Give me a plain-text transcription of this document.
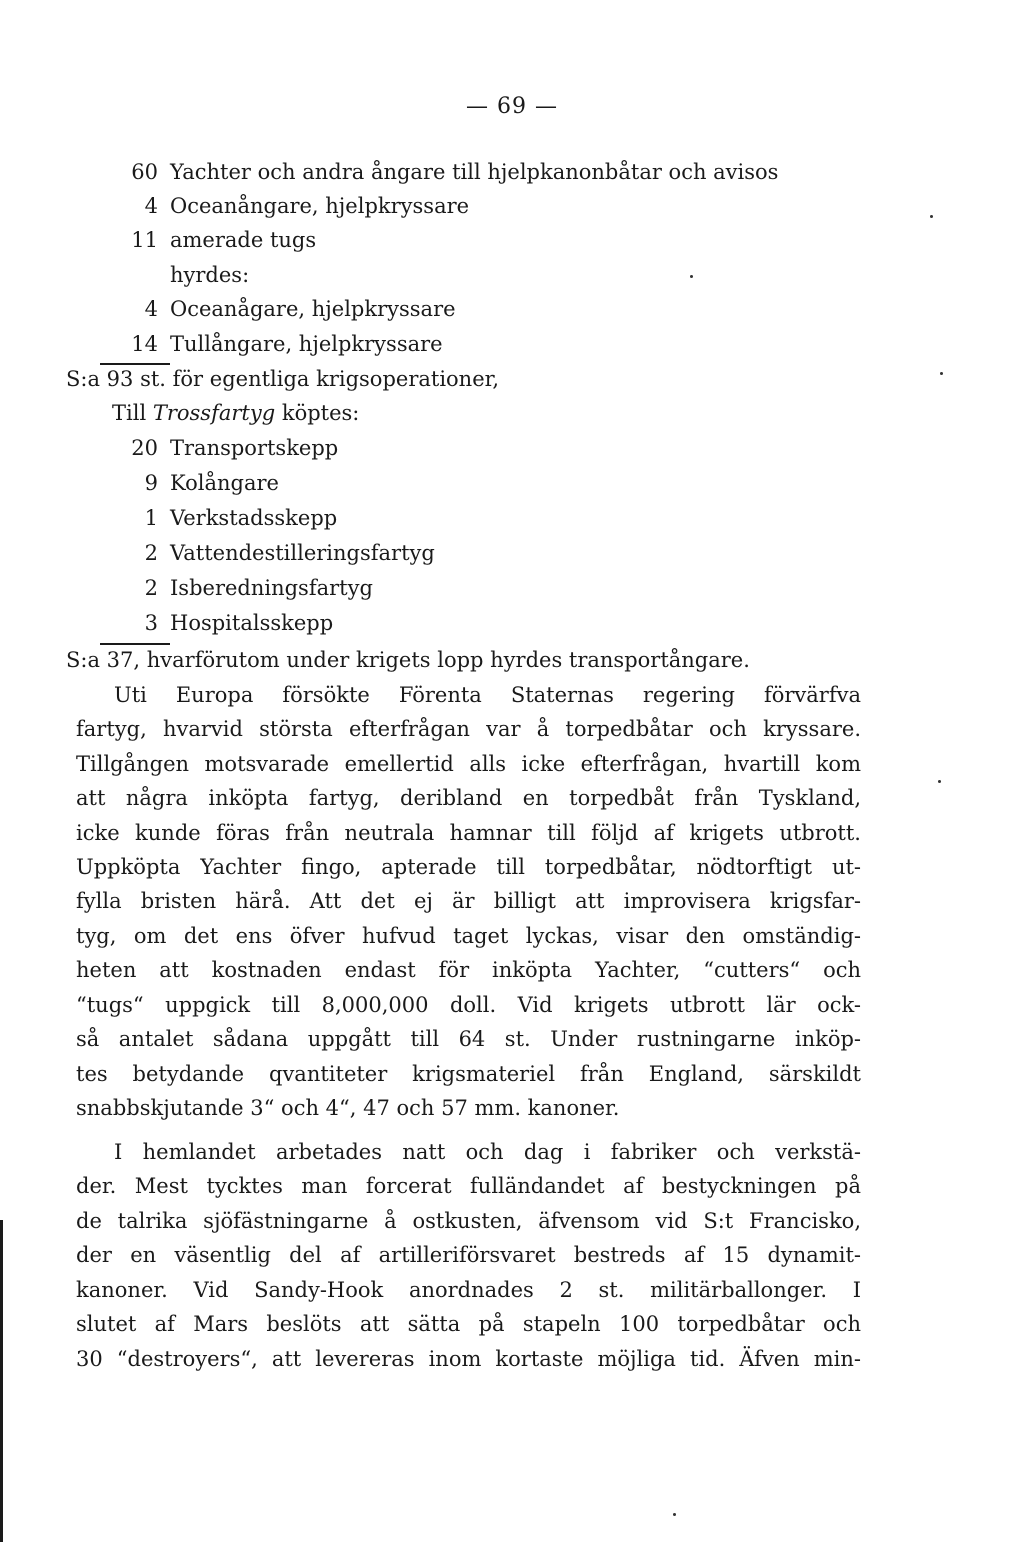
— 69 —
60 Yachter och andra ångare till hjelpkanonbåtar och avisos
4 Oceanångare, hjelpkryssare
11 amerade tugs
hyrdes:
4 Oceanågare, hjelpkryssare
14 Tullångare, hjelpkryssare
S:a 93 st. för egentliga krigsoperationer,
Till Trossfartyg köptes:
20 Transportskepp
9 Kolångare
1 Verkstadsskepp
2 Vattendestilleringsfartyg
2 Isberedningsfartyg
3 Hospitalsskepp
S:a 37, hvarförutom under krigets lopp hyrdes transportångare.
Uti Europa försökte Förenta Staternas regering förvärfva
fartyg, hvarvid största efterfrågan var å torpedbåtar och kryssare.
Tillgången motsvarade emellertid alls icke efterfrågan, hvartill kom
att några inköpta fartyg, deribland en torpedbåt från Tyskland,
icke kunde föras från neutrala hamnar till följd af krigets utbrott.
Uppköpta Yachter fingo, apterade till torpedbåtar, nödtorftigt ut-
fylla bristen härå. Att det ej är billigt att improvisera krigsfar-
tyg, om det ens öfver hufvud taget lyckas, visar den omständig-
heten att kostnaden endast för inköpta Yachter, “cutters“ och
“tugs“ uppgick till 8,000,000 doll. Vid krigets utbrott lär ock-
så antalet sådana uppgått till 64 st. Under rustningarne inköp-
tes betydande qvantiteter krigsmateriel från England, särskildt
snabbskjutande 3“ och 4“, 47 och 57 mm. kanoner.
I hemlandet arbetades natt och dag i fabriker och verkstä-
der. Mest tycktes man forcerat fulländandet af bestyckningen på
de talrika sjöfästningarne å ostkusten, äfvensom vid S:t Francisko,
der en väsentlig del af artilleriförsvaret bestreds af 15 dynamit-
kanoner. Vid Sandy-Hook anordnades 2 st. militärballonger. I
slutet af Mars beslöts att sätta på stapeln 100 torpedbåtar och
30 “destroyers“, att levereras inom kortaste möjliga tid. Äfven min-
